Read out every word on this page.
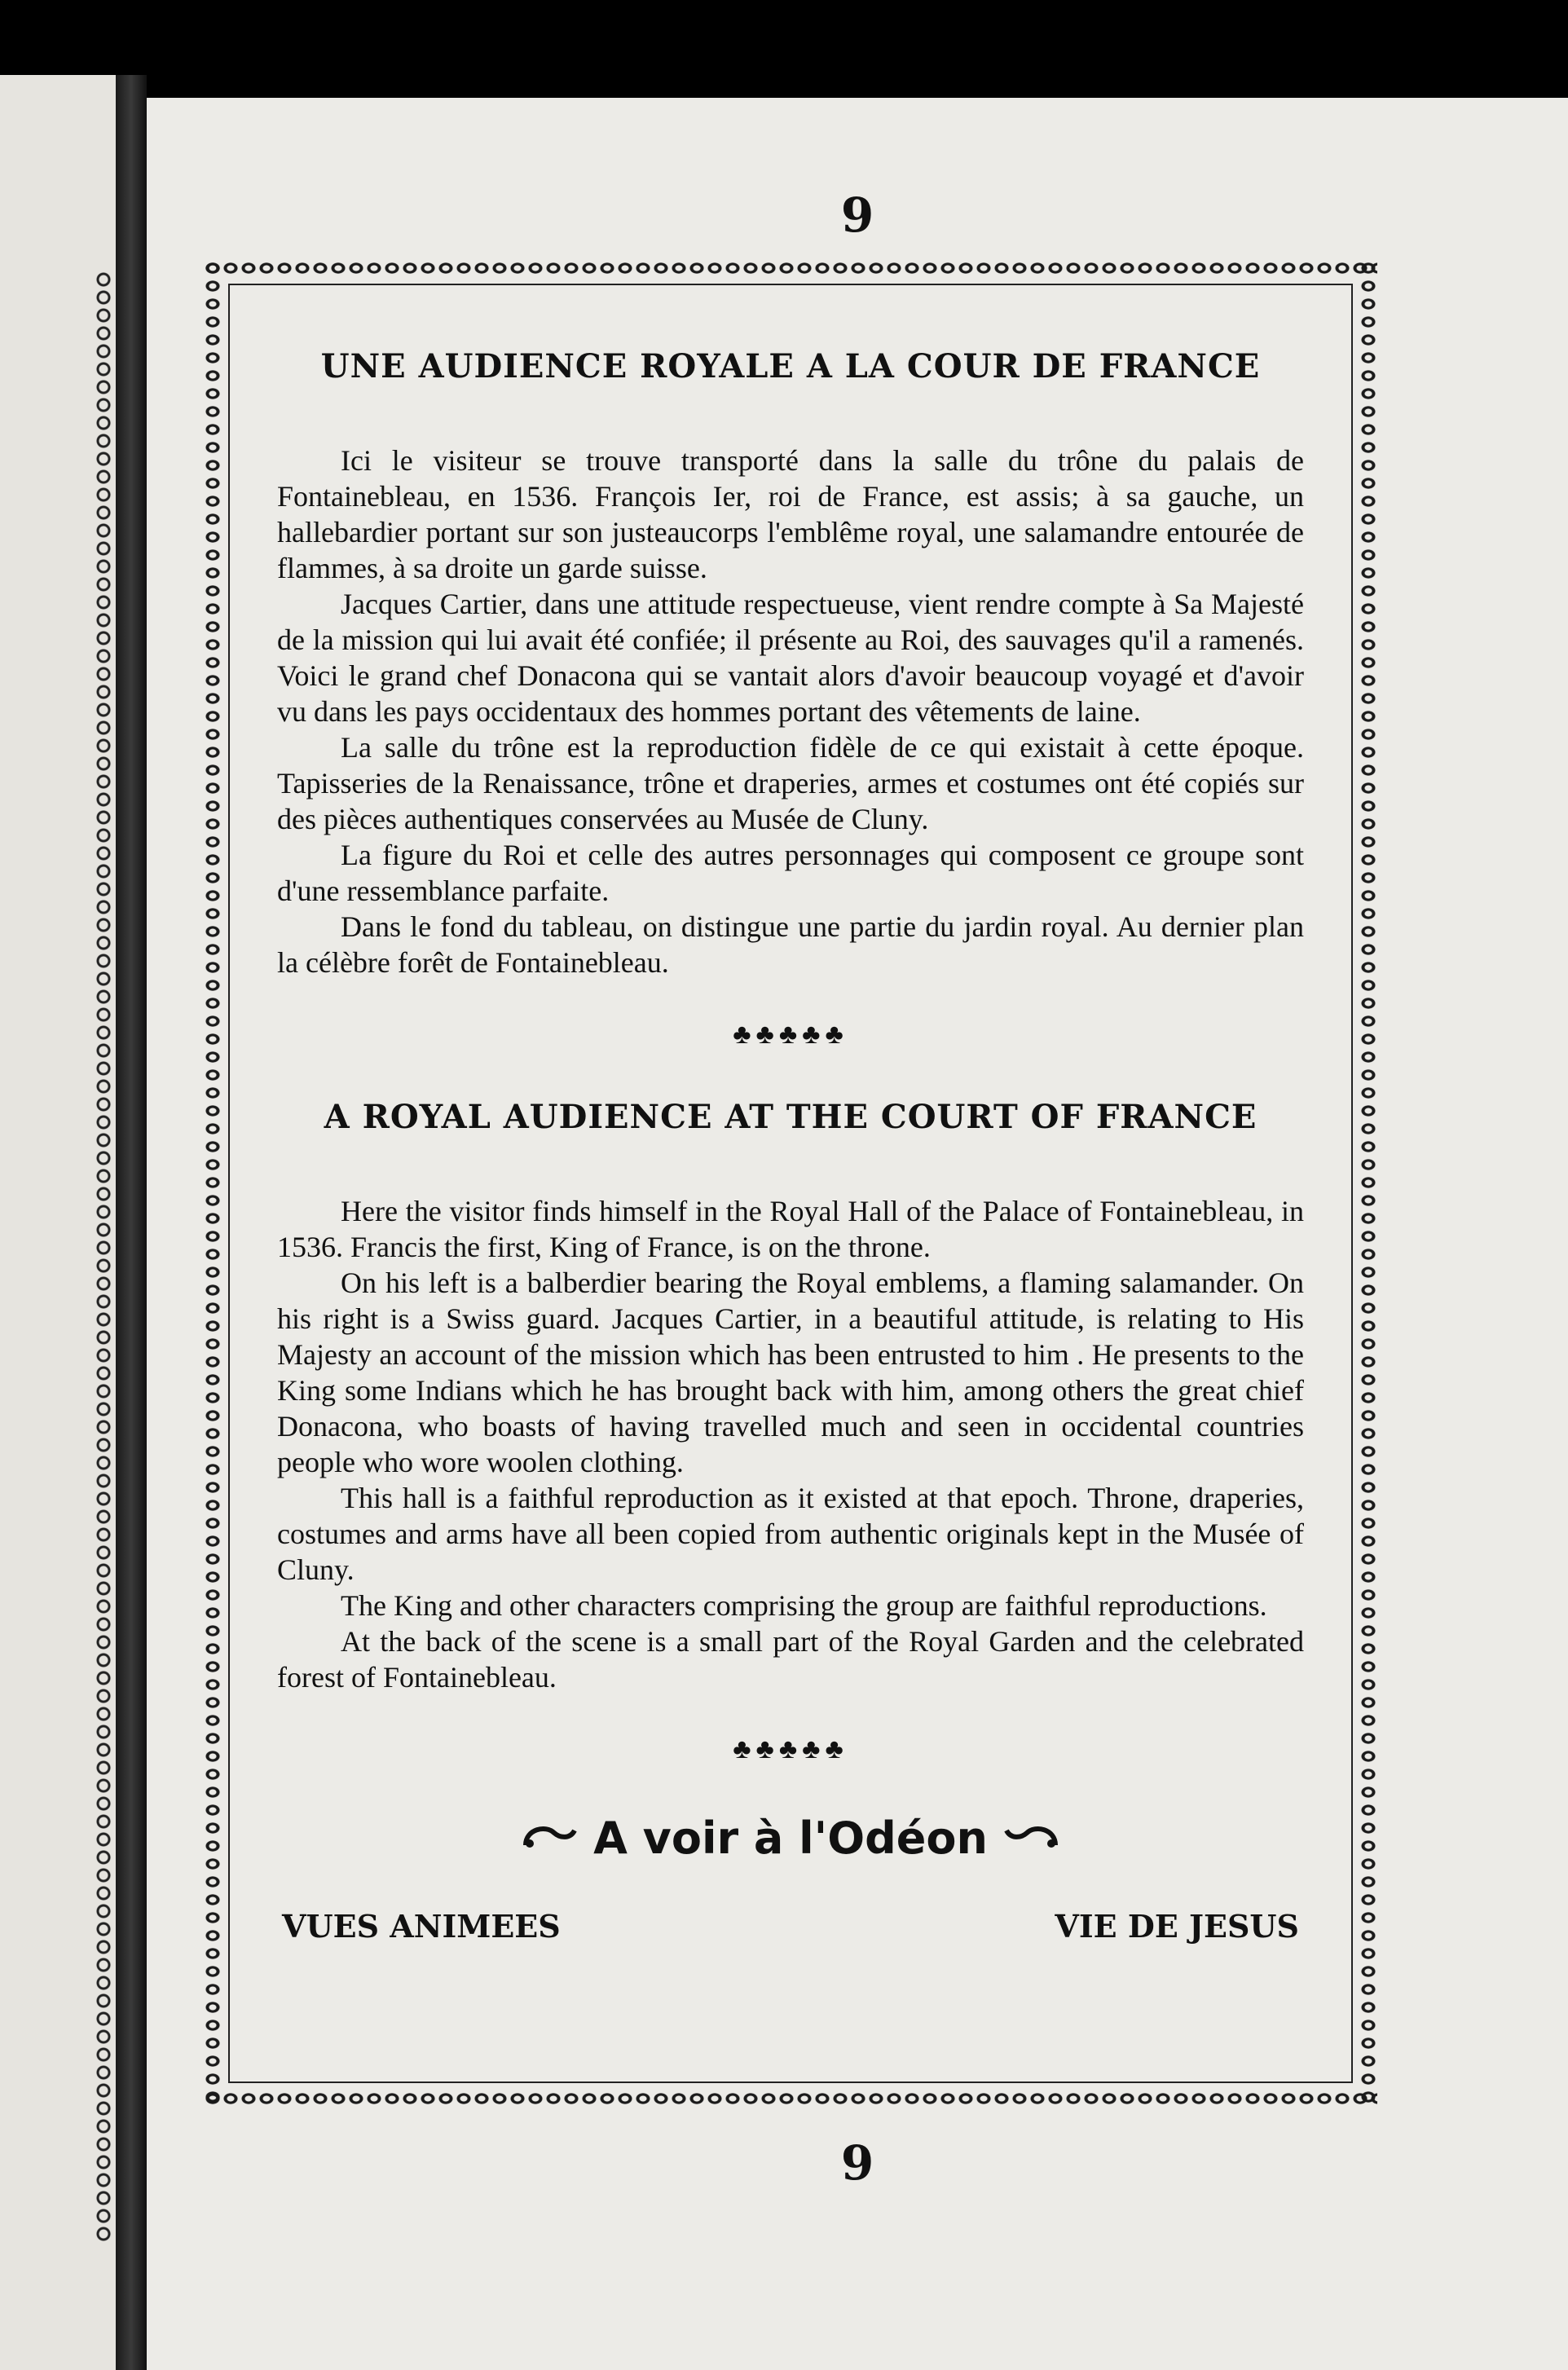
9
UNE AUDIENCE ROYALE A LA COUR DE FRANCE

Ici le visiteur se trouve transporté dans la salle du trône du palais de Fontainebleau, en 1536. François Ier, roi de France, est assis; à sa gauche, un hallebardier portant sur son justeaucorps l'emblême royal, une salamandre entourée de flammes, à sa droite un garde suisse.

Jacques Cartier, dans une attitude respectueuse, vient rendre compte à Sa Majesté de la mission qui lui avait été confiée; il présente au Roi, des sauvages qu'il a ramenés. Voici le grand chef Donacona qui se vantait alors d'avoir beaucoup voyagé et d'avoir vu dans les pays occidentaux des hommes portant des vêtements de laine.

La salle du trône est la reproduction fidèle de ce qui existait à cette époque. Tapisseries de la Renaissance, trône et draperies, armes et costumes ont été copiés sur des pièces authentiques conservées au Musée de Cluny.

La figure du Roi et celle des autres personnages qui composent ce groupe sont d'une ressemblance parfaite.

Dans le fond du tableau, on distingue une partie du jardin royal. Au dernier plan la célèbre forêt de Fontainebleau.

♣♣♣♣♣
A ROYAL AUDIENCE AT THE COURT OF FRANCE

Here the visitor finds himself in the Royal Hall of the Palace of Fontainebleau, in 1536. Francis the first, King of France, is on the throne.

On his left is a balberdier bearing the Royal emblems, a flaming salamander. On his right is a Swiss guard. Jacques Cartier, in a beautiful attitude, is relating to His Majesty an account of the mission which has been entrusted to him . He presents to the King some Indians which he has brought back with him, among others the great chief Donacona, who boasts of having travelled much and seen in occidental countries people who wore woolen clothing.

This hall is a faithful reproduction as it existed at that epoch. Throne, draperies, costumes and arms have all been copied from authentic originals kept in the Musée of Cluny.

The King and other characters comprising the group are faithful reproductions.

At the back of the scene is a small part of the Royal Garden and the celebrated forest of Fontainebleau.

♣♣♣♣♣
A voir à l'Odéon
VUES ANIMEES	VIE DE JESUS
9
